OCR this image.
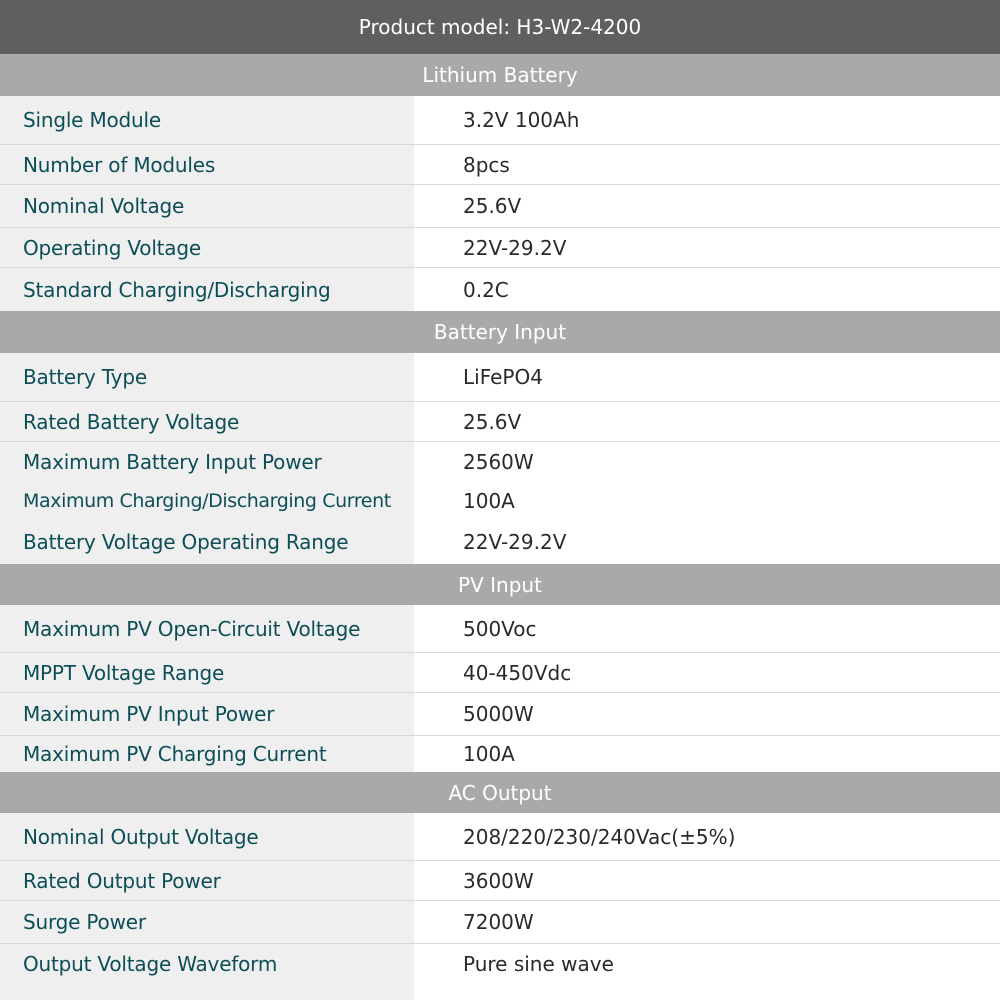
Product model: H3-W2-4200
Lithium Battery
Single Module	3.2V 100Ah
Number of Modules	8pcs
Nominal Voltage	25.6V
Operating Voltage	22V-29.2V
Standard Charging/Discharging	0.2C
Battery Input
Battery Type	LiFePO4
Rated Battery Voltage	25.6V
Maximum Battery Input Power	2560W
Maximum Charging/Discharging Current	100A
Battery Voltage Operating Range	22V-29.2V
PV Input
Maximum PV Open-Circuit Voltage	500Voc
MPPT Voltage Range	40-450Vdc
Maximum PV Input Power	5000W
Maximum PV Charging Current	100A
AC Output
Nominal Output Voltage	208/220/230/240Vac(±5%)
Rated Output Power	3600W
Surge Power	7200W
Output Voltage Waveform	Pure sine wave
